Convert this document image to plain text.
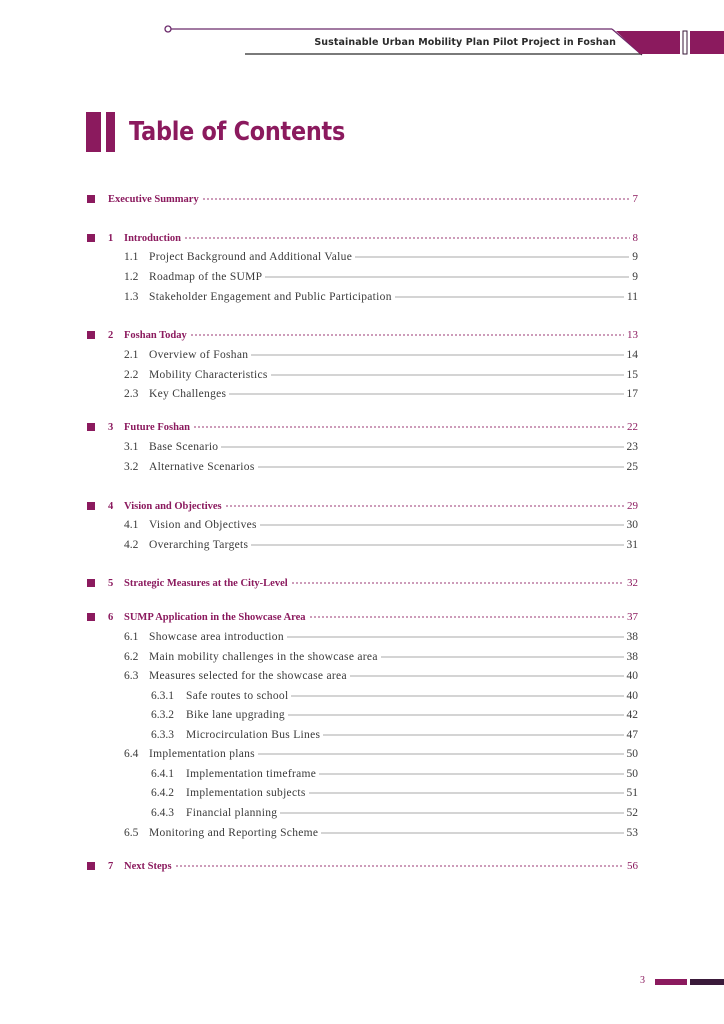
Sustainable Urban Mobility Plan Pilot Project in Foshan
Table of Contents
Executive Summary	7
1 Introduction	8
1.1 Project Background and Additional Value	9
1.2 Roadmap of the SUMP	9
1.3 Stakeholder Engagement and Public Participation	11
2 Foshan Today	13
2.1 Overview of Foshan	14
2.2 Mobility Characteristics	15
2.3 Key Challenges	17
3 Future Foshan	22
3.1 Base Scenario	23
3.2 Alternative Scenarios	25
4 Vision and Objectives	29
4.1 Vision and Objectives	30
4.2 Overarching Targets	31
5 Strategic Measures at the City-Level	32
6 SUMP Application in the Showcase Area	37
6.1 Showcase area introduction	38
6.2 Main mobility challenges in the showcase area	38
6.3 Measures selected for the showcase area	40
6.3.1 Safe routes to school	40
6.3.2 Bike lane upgrading	42
6.3.3 Microcirculation Bus Lines	47
6.4 Implementation plans	50
6.4.1 Implementation timeframe	50
6.4.2 Implementation subjects	51
6.4.3 Financial planning	52
6.5 Monitoring and Reporting Scheme	53
7 Next Steps	56
3
